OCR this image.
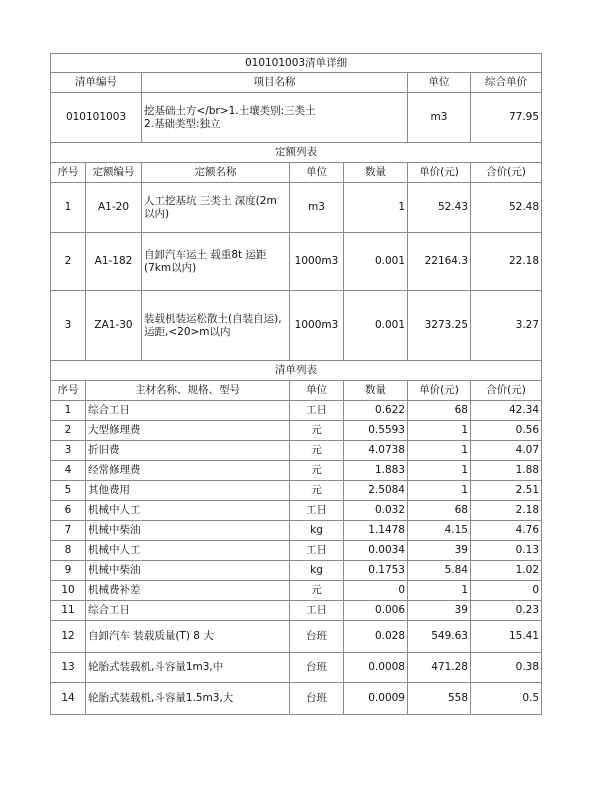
010101003清单详细						
清单编号		项目名称			单位	综合单价
010101003		挖基础土方</br>1.土壤类别:三类土
2.基础类型:独立			m3	77.95
定额列表						
序号	定额编号	定额名称	单位	数量	单价(元)	合价(元)
1	A1-20	人工挖基坑 三类土 深度(2m以内)	m3	1	52.43	52.48
2	A1-182	自卸汽车运土 载重8t 运距(7km以内)	1000m3	0.001	22164.3	22.18
3	ZA1-30	装载机装运松散土(自装自运),运距,<20>m以内	1000m3	0.001	3273.25	3.27
清单列表						
序号	主材名称、规格、型号		单位	数量	单价(元)	合价(元)
1	综合工日		工日	0.622	68	42.34
2	大型修理费		元	0.5593	1	0.56
3	折旧费		元	4.0738	1	4.07
4	经常修理费		元	1.883	1	1.88
5	其他费用		元	2.5084	1	2.51
6	机械中人工		工日	0.032	68	2.18
7	机械中柴油		kg	1.1478	4.15	4.76
8	机械中人工		工日	0.0034	39	0.13
9	机械中柴油		kg	0.1753	5.84	1.02
10	机械费补差		元	0	1	0
11	综合工日		工日	0.006	39	0.23
12	自卸汽车 装载质量(T) 8 大		台班	0.028	549.63	15.41
13	轮胎式装载机,斗容量1m3,中		台班	0.0008	471.28	0.38
14	轮胎式装载机,斗容量1.5m3,大		台班	0.0009	558	0.5
